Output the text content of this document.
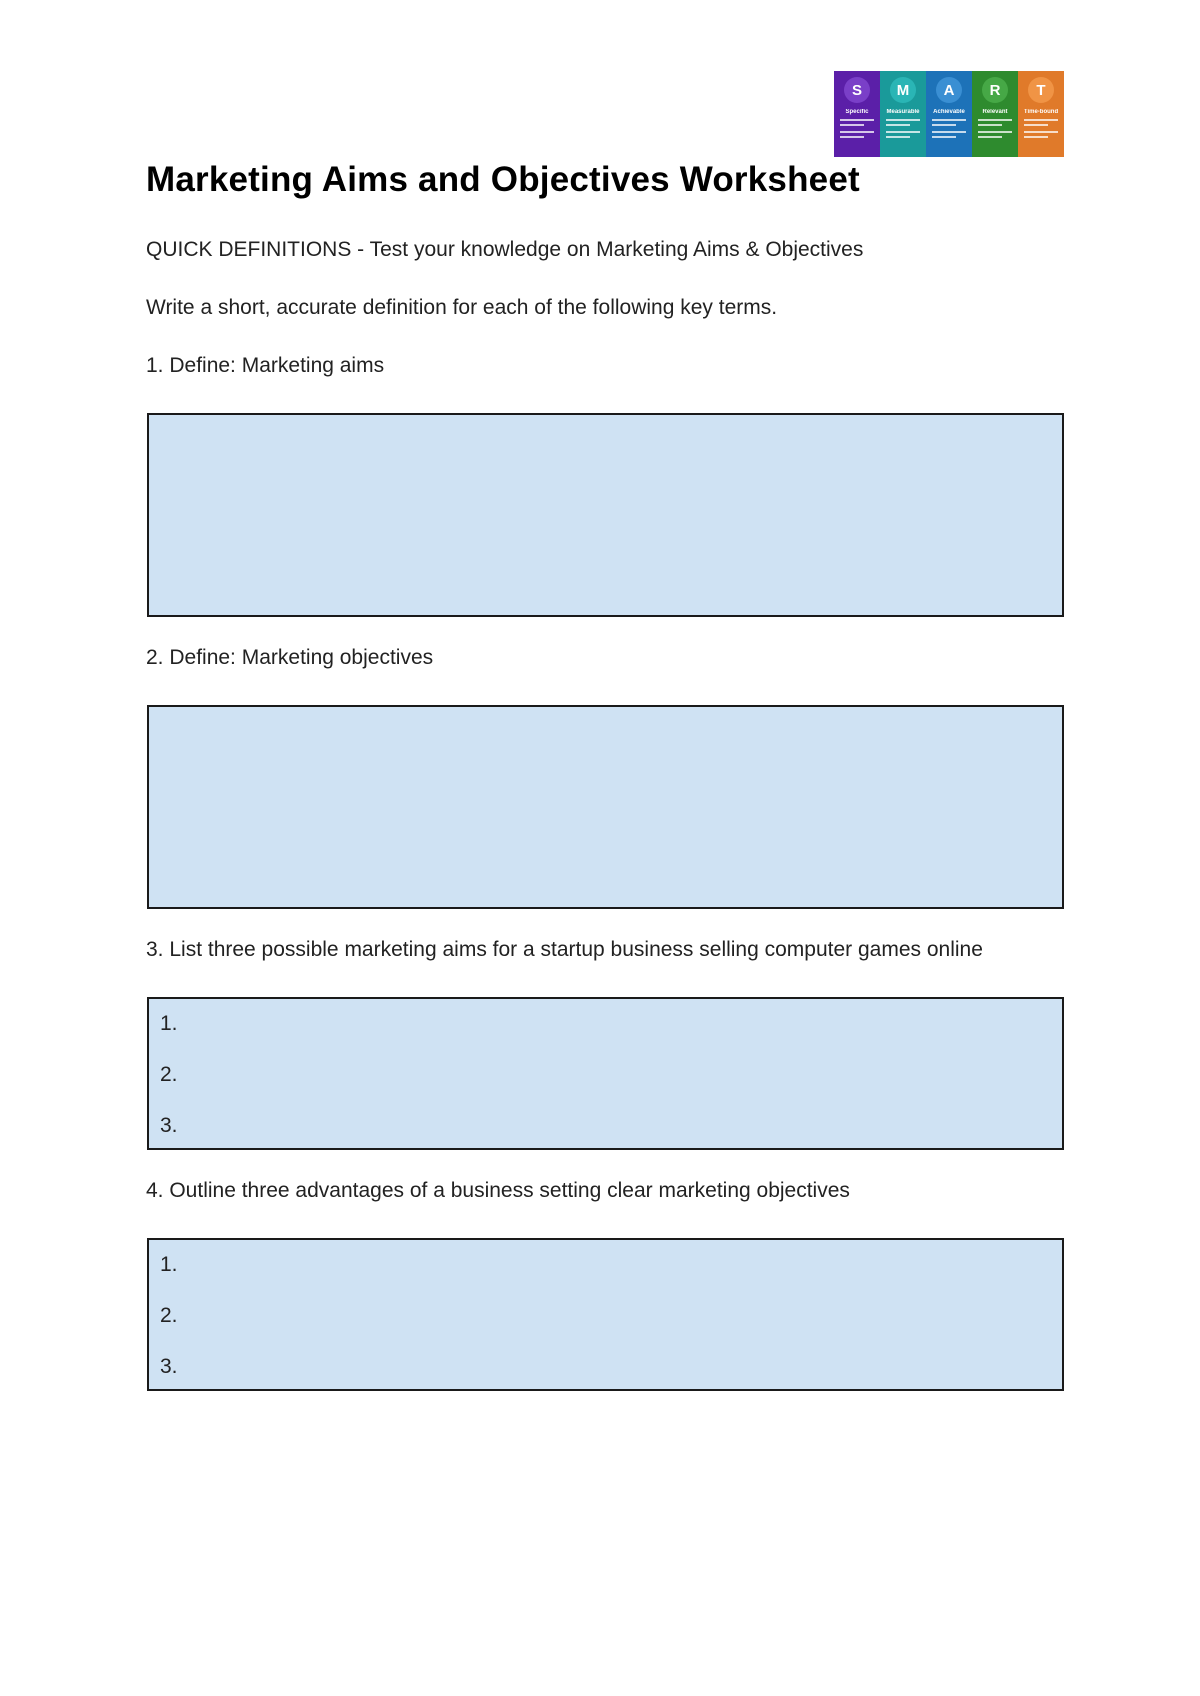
S
Specific
M
Measurable
A
Achievable
R
Relevant
T
Time-bound
Marketing Aims and Objectives Worksheet

QUICK DEFINITIONS - Test your knowledge on Marketing Aims & Objectives

Write a short, accurate definition for each of the following key terms.

1. Define: Marketing aims

2. Define: Marketing objectives

3. List three possible marketing aims for a startup business selling computer games online

1.
2.
3.

4. Outline three advantages of a business setting clear marketing objectives

1.
2.
3.
